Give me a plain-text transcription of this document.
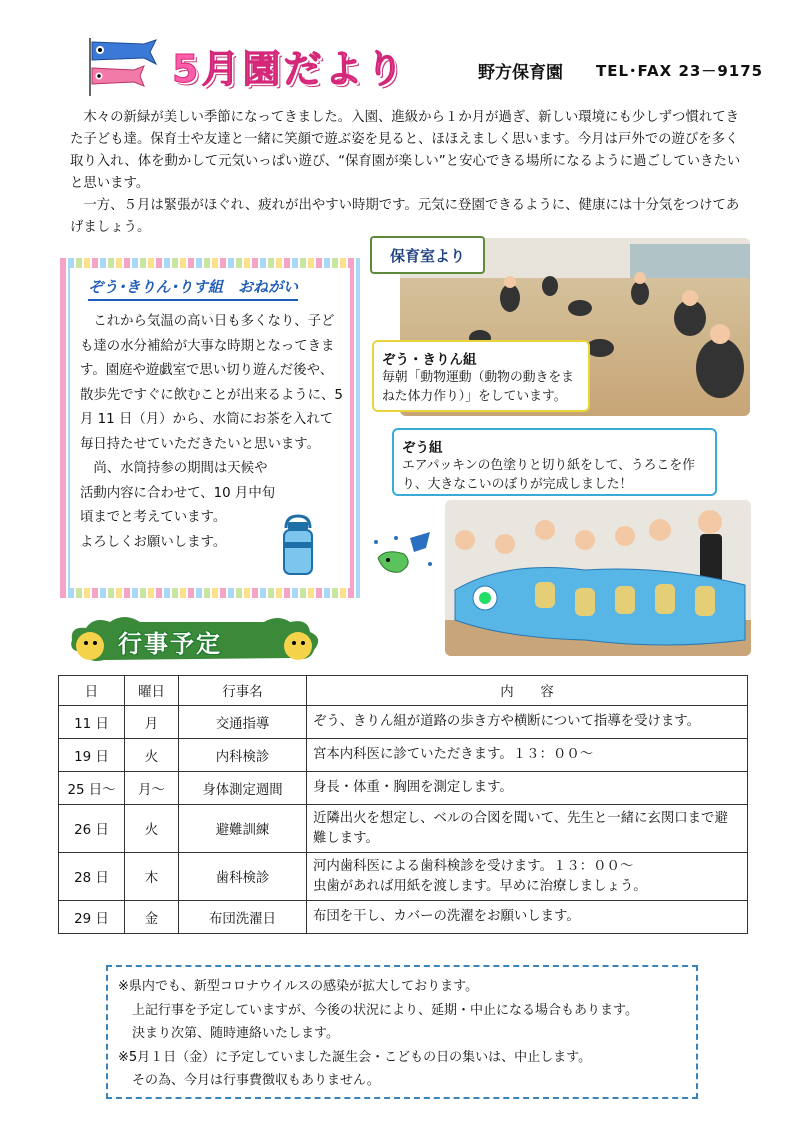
5月園だより	野方保育園 TEL･FAX 23－9175
　木々の新緑が美しい季節になってきました。入園、進級から１か月が過ぎ、新しい環境にも少しずつ慣れてきた子ども達。保育士や友達と一緒に笑顔で遊ぶ姿を見ると、ほほえましく思います。今月は戸外での遊びを多く取り入れ、体を動かして元気いっぱい遊び、“保育園が楽しい”と安心できる場所になるように過ごしていきたいと思います。
　一方、５月は緊張がほぐれ、疲れが出やすい時期です。元気に登園できるように、健康には十分気をつけてあげましょう。
ぞう･きりん･りす組　おねがい
　これから気温の高い日も多くなり、子ども達の水分補給が大事な時期となってきます。園庭や遊戯室で思い切り遊んだ後や、散歩先ですぐに飲むことが出来るように、5月 11 日（月）から、水筒にお茶を入れて毎日持たせていただきたいと思います。
　尚、水筒持参の期間は天候や活動内容に合わせて、10 月中旬頃までと考えています。
よろしくお願いします。
保育室より
ぞう・きりん組
毎朝「動物運動（動物の動きをまねた体力作り）」をしています。
ぞう組
エアパッキンの色塗りと切り紙をして、うろこを作り、大きなこいのぼりが完成しました！
行事予定
日	曜日	行事名	内　　容
11 日	月	交通指導	ぞう、きりん組が道路の歩き方や横断について指導を受けます。
19 日	火	内科検診	宮本内科医に診ていただきます。１３：００～
25 日～	月～	身体測定週間	身長・体重・胸囲を測定します。
26 日	火	避難訓練	近隣出火を想定し、ベルの合図を聞いて、先生と一緒に玄関口まで避難します。
28 日	木	歯科検診	河内歯科医による歯科検診を受けます。１３：００～
虫歯があれば用紙を渡します。早めに治療しましょう。

29 日	金	布団洗濯日	布団を干し、カバーの洗濯をお願いします。
※県内でも、新型コロナウイルスの感染が拡大しております。
上記行事を予定していますが、今後の状況により、延期・中止になる場合もあります。
決まり次第、随時連絡いたします。
※5月１日（金）に予定していました誕生会・こどもの日の集いは、中止します。
その為、今月は行事費徴収もありません。
